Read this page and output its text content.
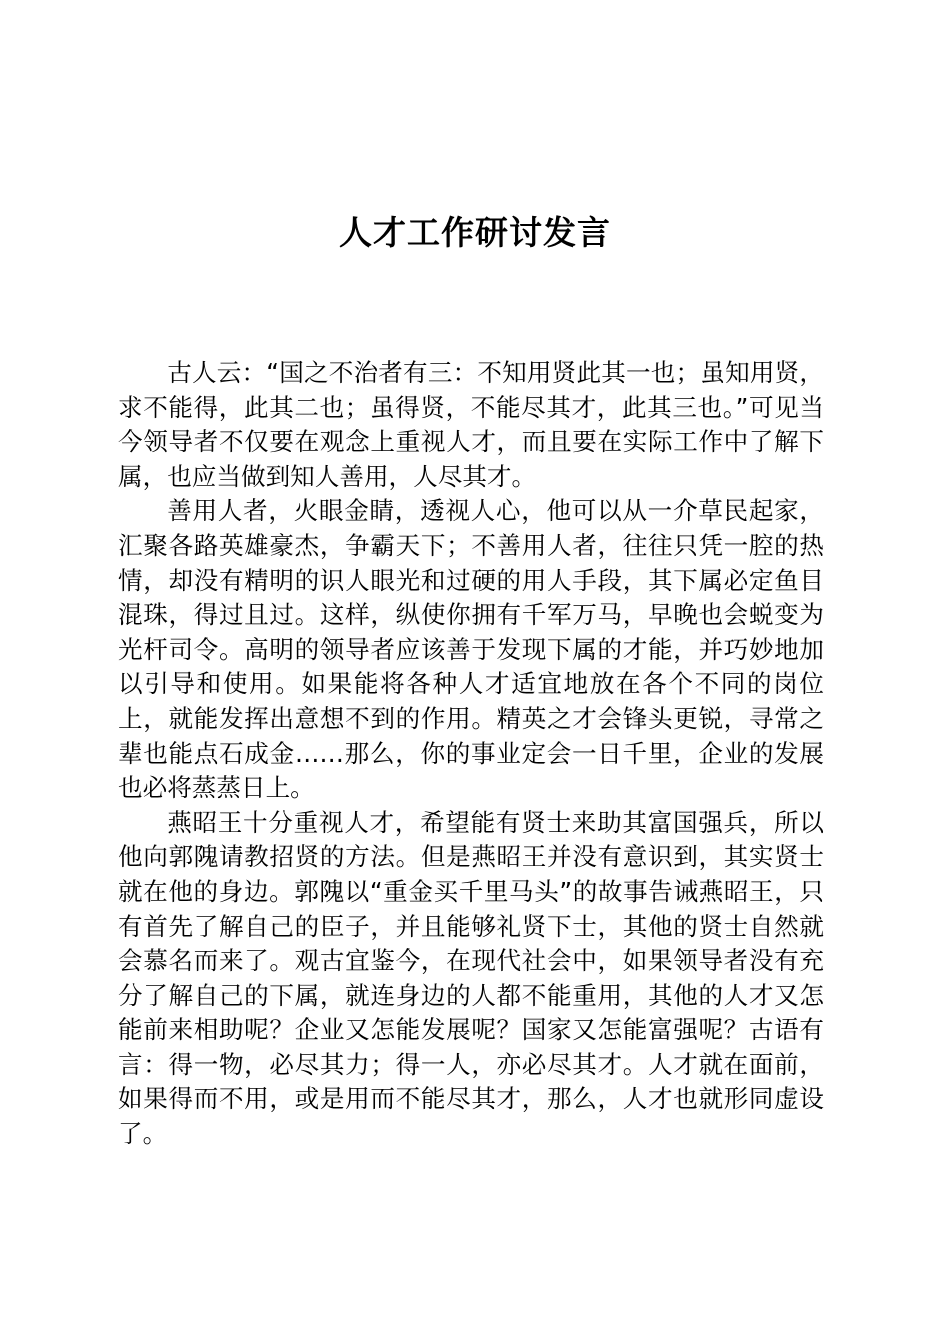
人才工作研讨发言

古人云：“国之不治者有三：不知用贤此其一也；虽知用贤，求不能得，此其二也；虽得贤，不能尽其才，此其三也。”可见当今领导者不仅要在观念上重视人才，而且要在实际工作中了解下属，也应当做到知人善用，人尽其才。

善用人者，火眼金睛，透视人心，他可以从一介草民起家，汇聚各路英雄豪杰，争霸天下；不善用人者，往往只凭一腔的热情，却没有精明的识人眼光和过硬的用人手段，其下属必定鱼目混珠，得过且过。这样，纵使你拥有千军万马，早晚也会蜕变为光杆司令。高明的领导者应该善于发现下属的才能，并巧妙地加以引导和使用。如果能将各种人才适宜地放在各个不同的岗位上，就能发挥出意想不到的作用。精英之才会锋头更锐，寻常之辈也能点石成金……那么，你的事业定会一日千里，企业的发展也必将蒸蒸日上。

燕昭王十分重视人才，希望能有贤士来助其富国强兵，所以他向郭隗请教招贤的方法。但是燕昭王并没有意识到，其实贤士就在他的身边。郭隗以“重金买千里马头”的故事告诫燕昭王，只有首先了解自己的臣子，并且能够礼贤下士，其他的贤士自然就会慕名而来了。观古宜鉴今，在现代社会中，如果领导者没有充分了解自己的下属，就连身边的人都不能重用，其他的人才又怎能前来相助呢？企业又怎能发展呢？国家又怎能富强呢？古语有言：得一物，必尽其力；得一人，亦必尽其才。人才就在面前，如果得而不用，或是用而不能尽其才，那么，人才也就形同虚设了。
